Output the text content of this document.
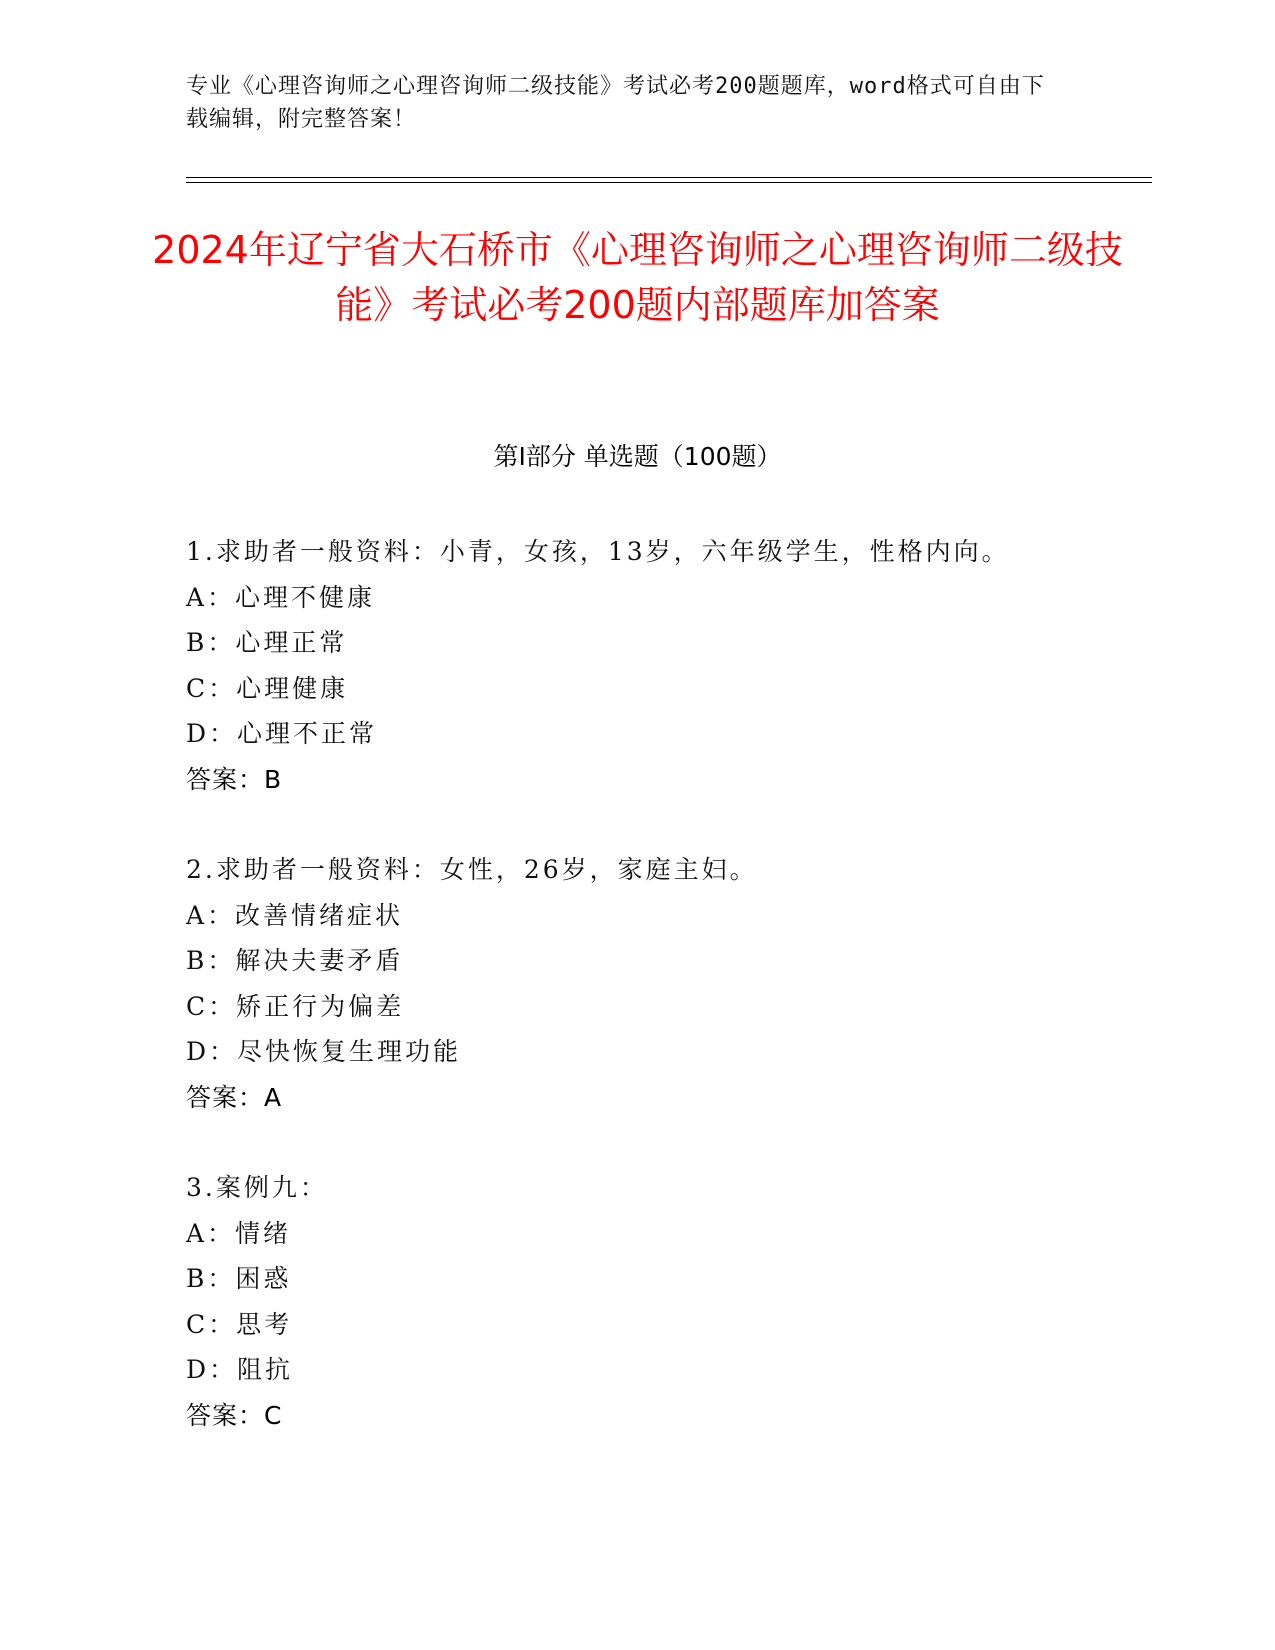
专业《心理咨询师之心理咨询师二级技能》考试必考200题题库，word格式可自由下载编辑，附完整答案！
2024年辽宁省大石桥市《心理咨询师之心理咨询师二级技能》考试必考200题内部题库加答案
第Ⅰ部分 单选题（100题）
1.求助者一般资料：小青，女孩，13岁，六年级学生，性格内向。
A：心理不健康
B：心理正常
C：心理健康
D：心理不正常
答案：B
2.求助者一般资料：女性，26岁，家庭主妇。
A：改善情绪症状
B：解决夫妻矛盾
C：矫正行为偏差
D：尽快恢复生理功能
答案：A
3.案例九：
A：情绪
B：困惑
C：思考
D：阻抗
答案：C
